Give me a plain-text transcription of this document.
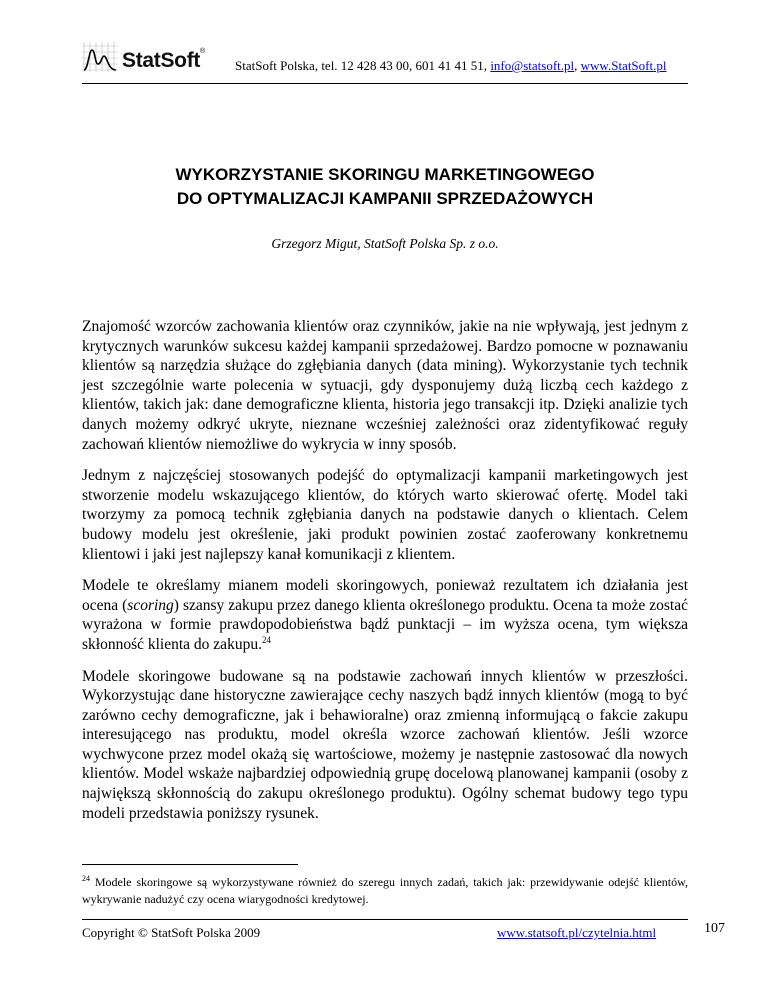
StatSoft ®
StatSoft Polska, tel. 12 428 43 00, 601 41 41 51, info@statsoft.pl, www.StatSoft.pl
WYKORZYSTANIE SKORINGU MARKETINGOWEGO
DO OPTYMALIZACJI KAMPANII SPRZEDAŻOWYCH
Grzegorz Migut, StatSoft Polska Sp. z o.o.

Znajomość wzorców zachowania klientów oraz czynników, jakie na nie wpływają, jest jednym z krytycznych warunków sukcesu każdej kampanii sprzedażowej. Bardzo pomocne w poznawaniu klientów są narzędzia służące do zgłębiania danych (data mining). Wykorzystanie tych technik jest szczególnie warte polecenia w sytuacji, gdy dysponujemy dużą liczbą cech każdego z klientów, takich jak: dane demograficzne klienta, historia jego transakcji itp. Dzięki analizie tych danych możemy odkryć ukryte, nieznane wcześniej zależności oraz zidentyfikować reguły zachowań klientów niemożliwe do wykrycia w inny sposób.

Jednym z najczęściej stosowanych podejść do optymalizacji kampanii marketingowych jest stworzenie modelu wskazującego klientów, do których warto skierować ofertę. Model taki tworzymy za pomocą technik zgłębiania danych na podstawie danych o klientach. Celem budowy modelu jest określenie, jaki produkt powinien zostać zaoferowany konkretnemu klientowi i jaki jest najlepszy kanał komunikacji z klientem.

Modele te określamy mianem modeli skoringowych, ponieważ rezultatem ich działania jest ocena (scoring) szansy zakupu przez danego klienta określonego produktu. Ocena ta może zostać wyrażona w formie prawdopodobieństwa bądź punktacji – im wyższa ocena, tym większa skłonność klienta do zakupu.$^{24}$

Modele skoringowe budowane są na podstawie zachowań innych klientów w przeszłości. Wykorzystując dane historyczne zawierające cechy naszych bądź innych klientów (mogą to być zarówno cechy demograficzne, jak i behawioralne) oraz zmienną informującą o fakcie zakupu interesującego nas produktu, model określa wzorce zachowań klientów. Jeśli wzorce wychwycone przez model okażą się wartościowe, możemy je następnie zastosować dla nowych klientów. Model wskaże najbardziej odpowiednią grupę docelową planowanej kampanii (osoby z największą skłonnością do zakupu określonego produktu). Ogólny schemat budowy tego typu modeli przedstawia poniższy rysunek.

$^{24}$ Modele skoringowe są wykorzystywane również do szeregu innych zadań, takich jak: przewidywanie odejść klientów, wykrywanie nadużyć czy ocena wiarygodności kredytowej.
Copyright © StatSoft Polska 2009	www.statsoft.pl/czytelnia.html	107
